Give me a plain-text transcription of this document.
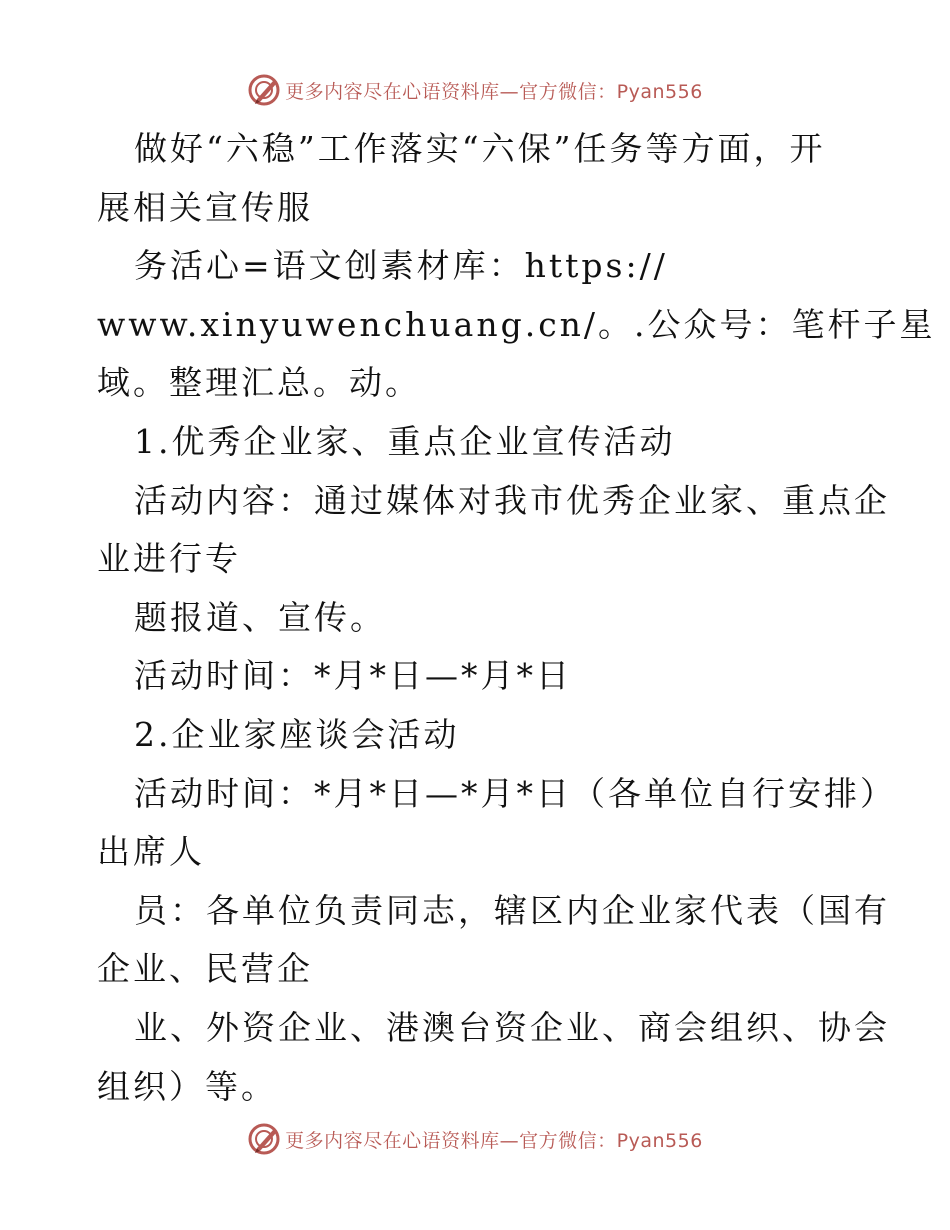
更多内容尽在心语资料库—官方微信：Pyan556
做好“六稳”工作落实“六保”任务等方面，开
展相关宣传服
务活心=语文创素材库：https://
www.xinyuwenchuang.cn/。.公众号：笔杆子星
域。整理汇总。动。
1.优秀企业家、重点企业宣传活动
活动内容：通过媒体对我市优秀企业家、重点企
业进行专
题报道、宣传。
活动时间：*月*日—*月*日
2.企业家座谈会活动
活动时间：*月*日—*月*日（各单位自行安排）
出席人
员：各单位负责同志，辖区内企业家代表（国有
企业、民营企
业、外资企业、港澳台资企业、商会组织、协会
组织）等。
更多内容尽在心语资料库—官方微信：Pyan556
